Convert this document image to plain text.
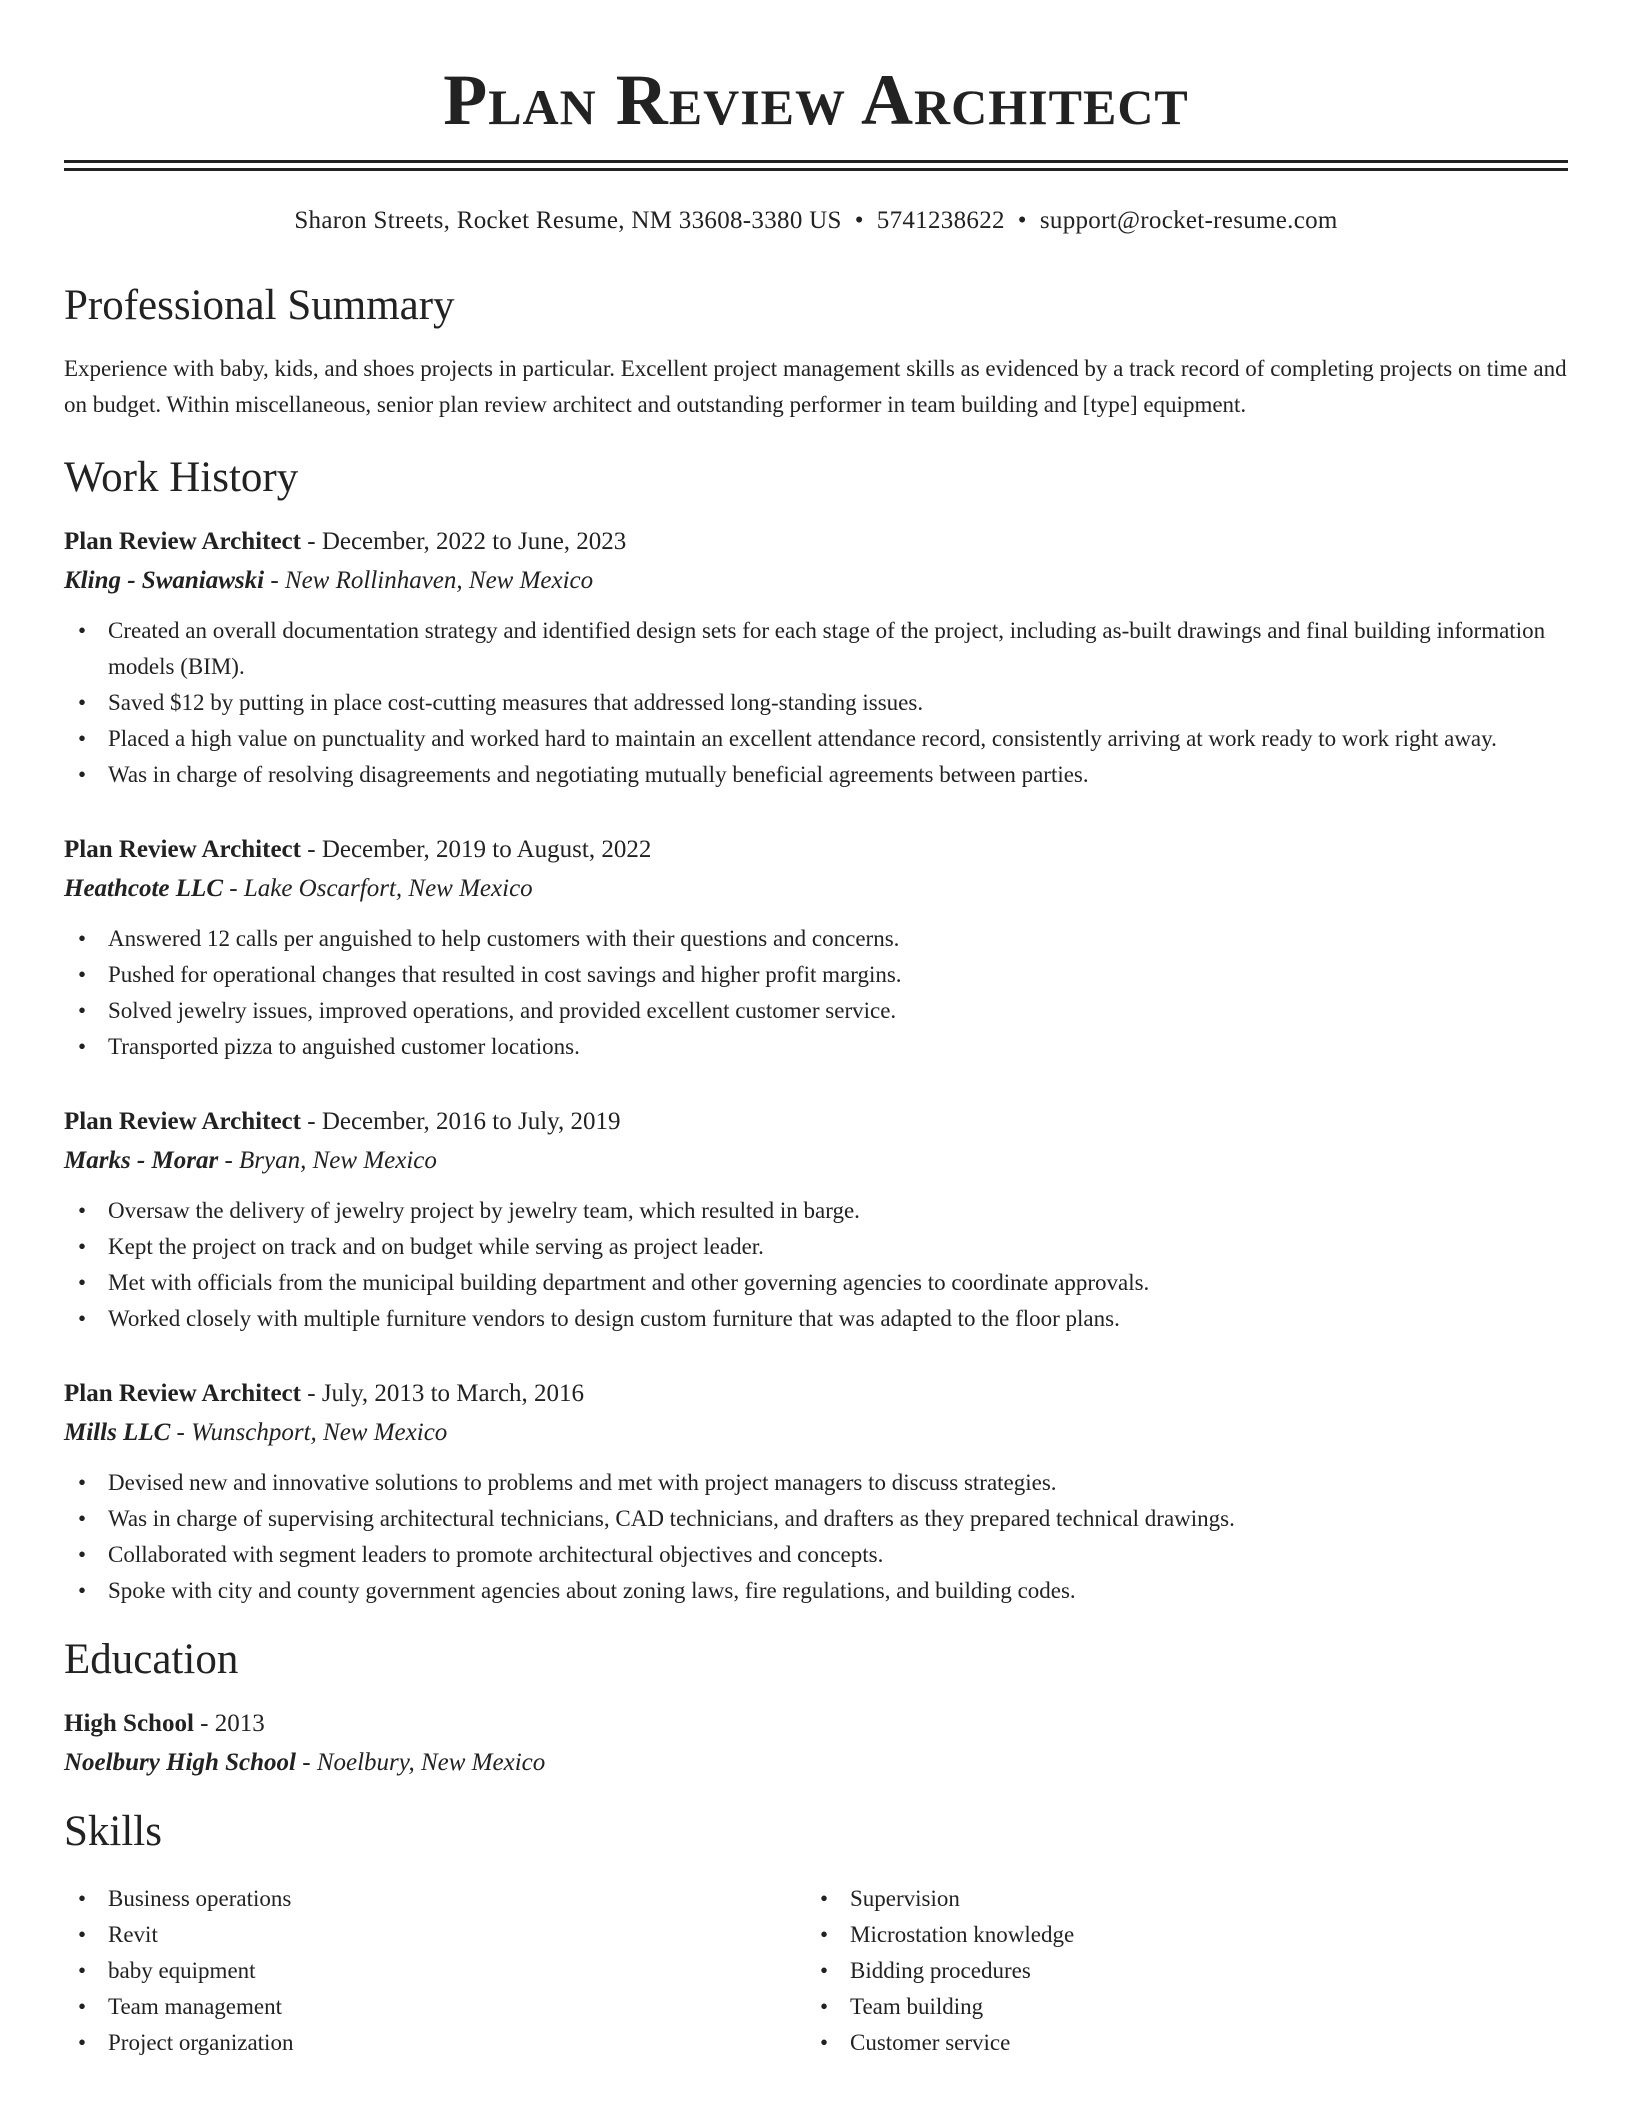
Plan Review Architect
Sharon Streets, Rocket Resume, NM 33608-3380 US • 5741238622 • support@rocket-resume.com
Professional Summary

Experience with baby, kids, and shoes projects in particular. Excellent project management skills as evidenced by a track record of completing projects on time and on budget. Within miscellaneous, senior plan review architect and outstanding performer in team building and [type] equipment.

Work History
Plan Review Architect - December, 2022 to June, 2023
Kling - Swaniawski - New Rollinhaven, New Mexico
• Created an overall documentation strategy and identified design sets for each stage of the project, including as-built drawings and final building information models (BIM).
• Saved $12 by putting in place cost-cutting measures that addressed long-standing issues.
• Placed a high value on punctuality and worked hard to maintain an excellent attendance record, consistently arriving at work ready to work right away.
• Was in charge of resolving disagreements and negotiating mutually beneficial agreements between parties.
Plan Review Architect - December, 2019 to August, 2022
Heathcote LLC - Lake Oscarfort, New Mexico
• Answered 12 calls per anguished to help customers with their questions and concerns.
• Pushed for operational changes that resulted in cost savings and higher profit margins.
• Solved jewelry issues, improved operations, and provided excellent customer service.
• Transported pizza to anguished customer locations.
Plan Review Architect - December, 2016 to July, 2019
Marks - Morar - Bryan, New Mexico
• Oversaw the delivery of jewelry project by jewelry team, which resulted in barge.
• Kept the project on track and on budget while serving as project leader.
• Met with officials from the municipal building department and other governing agencies to coordinate approvals.
• Worked closely with multiple furniture vendors to design custom furniture that was adapted to the floor plans.
Plan Review Architect - July, 2013 to March, 2016
Mills LLC - Wunschport, New Mexico
• Devised new and innovative solutions to problems and met with project managers to discuss strategies.
• Was in charge of supervising architectural technicians, CAD technicians, and drafters as they prepared technical drawings.
• Collaborated with segment leaders to promote architectural objectives and concepts.
• Spoke with city and county government agencies about zoning laws, fire regulations, and building codes.
Education
High School - 2013
Noelbury High School - Noelbury, New Mexico
Skills
• Business operations
• Revit
• baby equipment
• Team management
• Project organization
• Supervision
• Microstation knowledge
• Bidding procedures
• Team building
• Customer service
